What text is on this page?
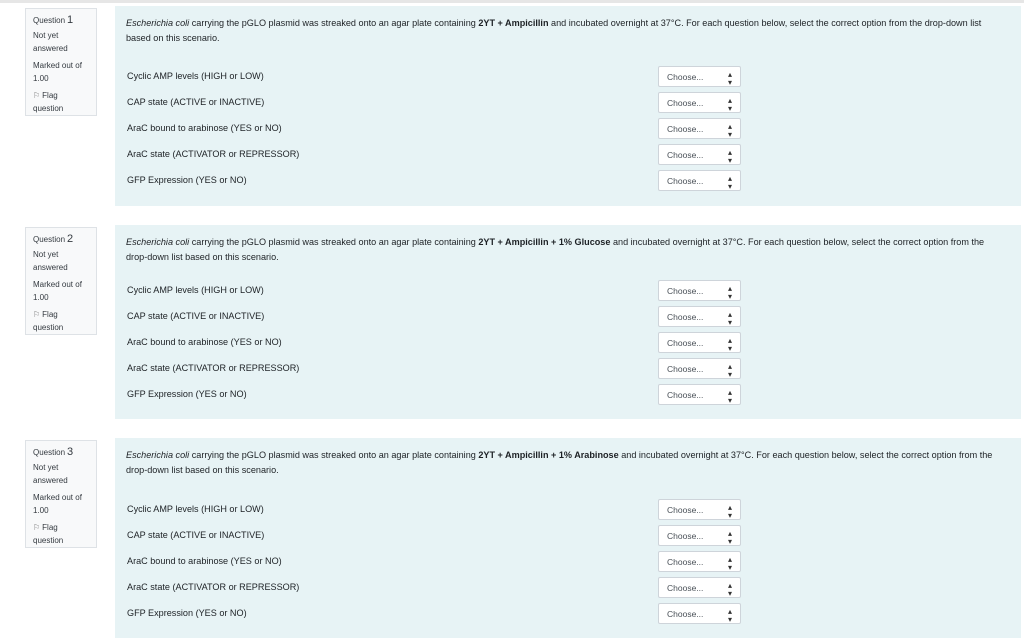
Question 1
Not yet
answered
Marked out of
1.00
⚐ Flag
question
Escherichia coli carrying the pGLO plasmid was streaked onto an agar plate containing 2YT + Ampicillin and incubated overnight at 37°C. For each question below, select the correct option from the drop-down list based on this scenario.
Cyclic AMP levels (HIGH or LOW)	Choose...	▴
▾
CAP state (ACTIVE or INACTIVE)	Choose...	▴
▾
AraC bound to arabinose (YES or NO)	Choose...	▴
▾
AraC state (ACTIVATOR or REPRESSOR)	Choose...	▴
▾
GFP Expression (YES or NO)	Choose...	▴
▾
Question 2
Not yet
answered
Marked out of
1.00
⚐ Flag
question
Escherichia coli carrying the pGLO plasmid was streaked onto an agar plate containing 2YT + Ampicillin + 1% Glucose and incubated overnight at 37°C. For each question below, select the correct option from the drop-down list based on this scenario.
Cyclic AMP levels (HIGH or LOW)	Choose...	▴
▾
CAP state (ACTIVE or INACTIVE)	Choose...	▴
▾
AraC bound to arabinose (YES or NO)	Choose...	▴
▾
AraC state (ACTIVATOR or REPRESSOR)	Choose...	▴
▾
GFP Expression (YES or NO)	Choose...	▴
▾
Question 3
Not yet
answered
Marked out of
1.00
⚐ Flag
question
Escherichia coli carrying the pGLO plasmid was streaked onto an agar plate containing 2YT + Ampicillin + 1% Arabinose and incubated overnight at 37°C. For each question below, select the correct option from the drop-down list based on this scenario.
Cyclic AMP levels (HIGH or LOW)	Choose...	▴
▾
CAP state (ACTIVE or INACTIVE)	Choose...	▴
▾
AraC bound to arabinose (YES or NO)	Choose...	▴
▾
AraC state (ACTIVATOR or REPRESSOR)	Choose...	▴
▾
GFP Expression (YES or NO)	Choose...	▴
▾
